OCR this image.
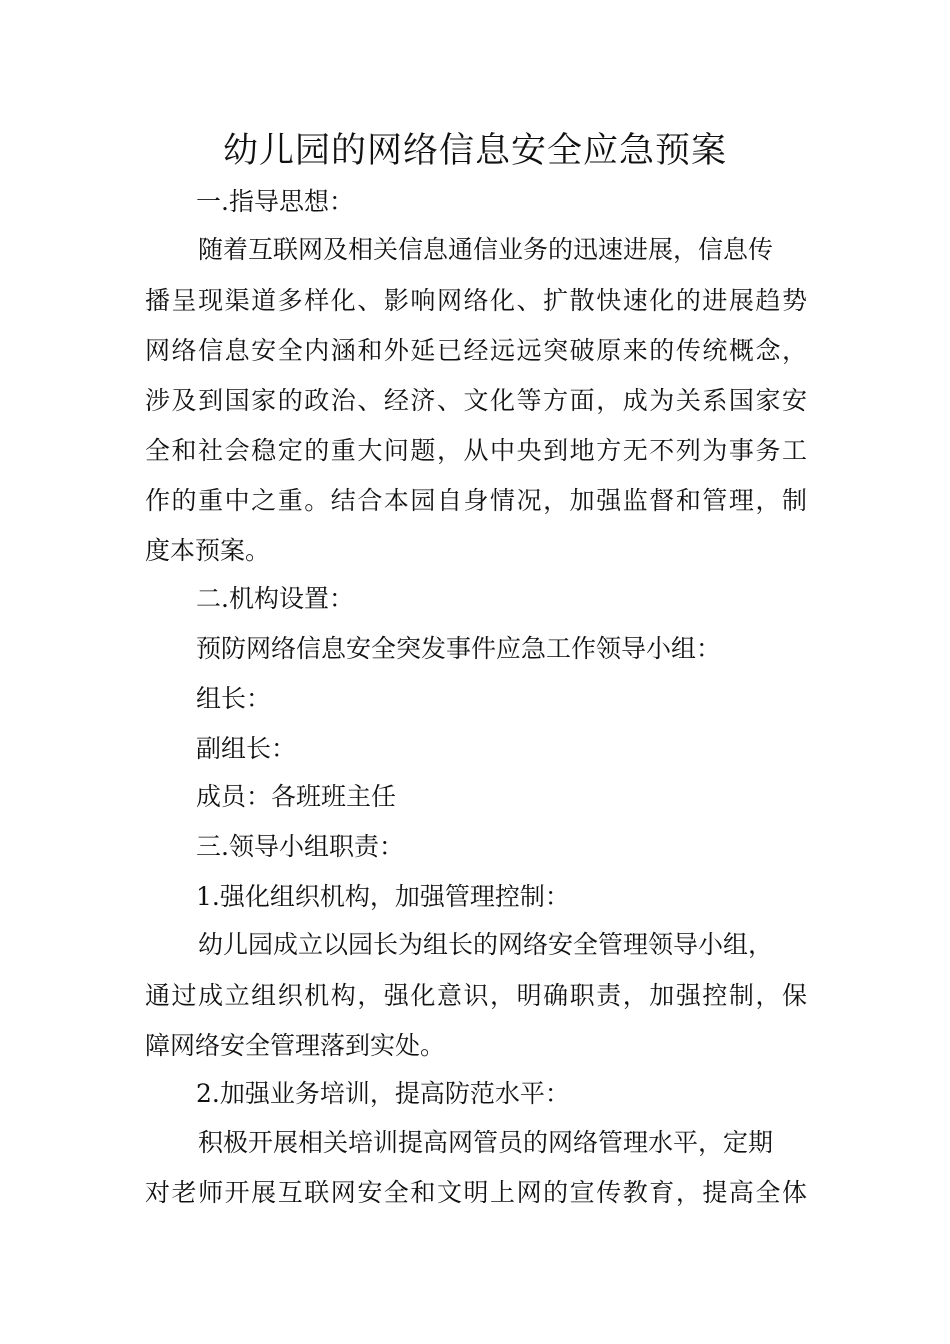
幼儿园的网络信息安全应急预案
一.指导思想：
随着互联网及相关信息通信业务的迅速进展，信息传
播呈现渠道多样化、影响网络化、扩散快速化的进展趋势
网络信息安全内涵和外延已经远远突破原来的传统概念，
涉及到国家的政治、经济、文化等方面，成为关系国家安
全和社会稳定的重大问题，从中央到地方无不列为事务工
作的重中之重。结合本园自身情况，加强监督和管理，制
度本预案。
二.机构设置：
预防网络信息安全突发事件应急工作领导小组：
组长：
副组长：
成员：各班班主任
三.领导小组职责：
1.强化组织机构，加强管理控制：
幼儿园成立以园长为组长的网络安全管理领导小组，
通过成立组织机构，强化意识，明确职责，加强控制，保
障网络安全管理落到实处。
2.加强业务培训，提高防范水平：
积极开展相关培训提高网管员的网络管理水平，定期
对老师开展互联网安全和文明上网的宣传教育，提高全体
